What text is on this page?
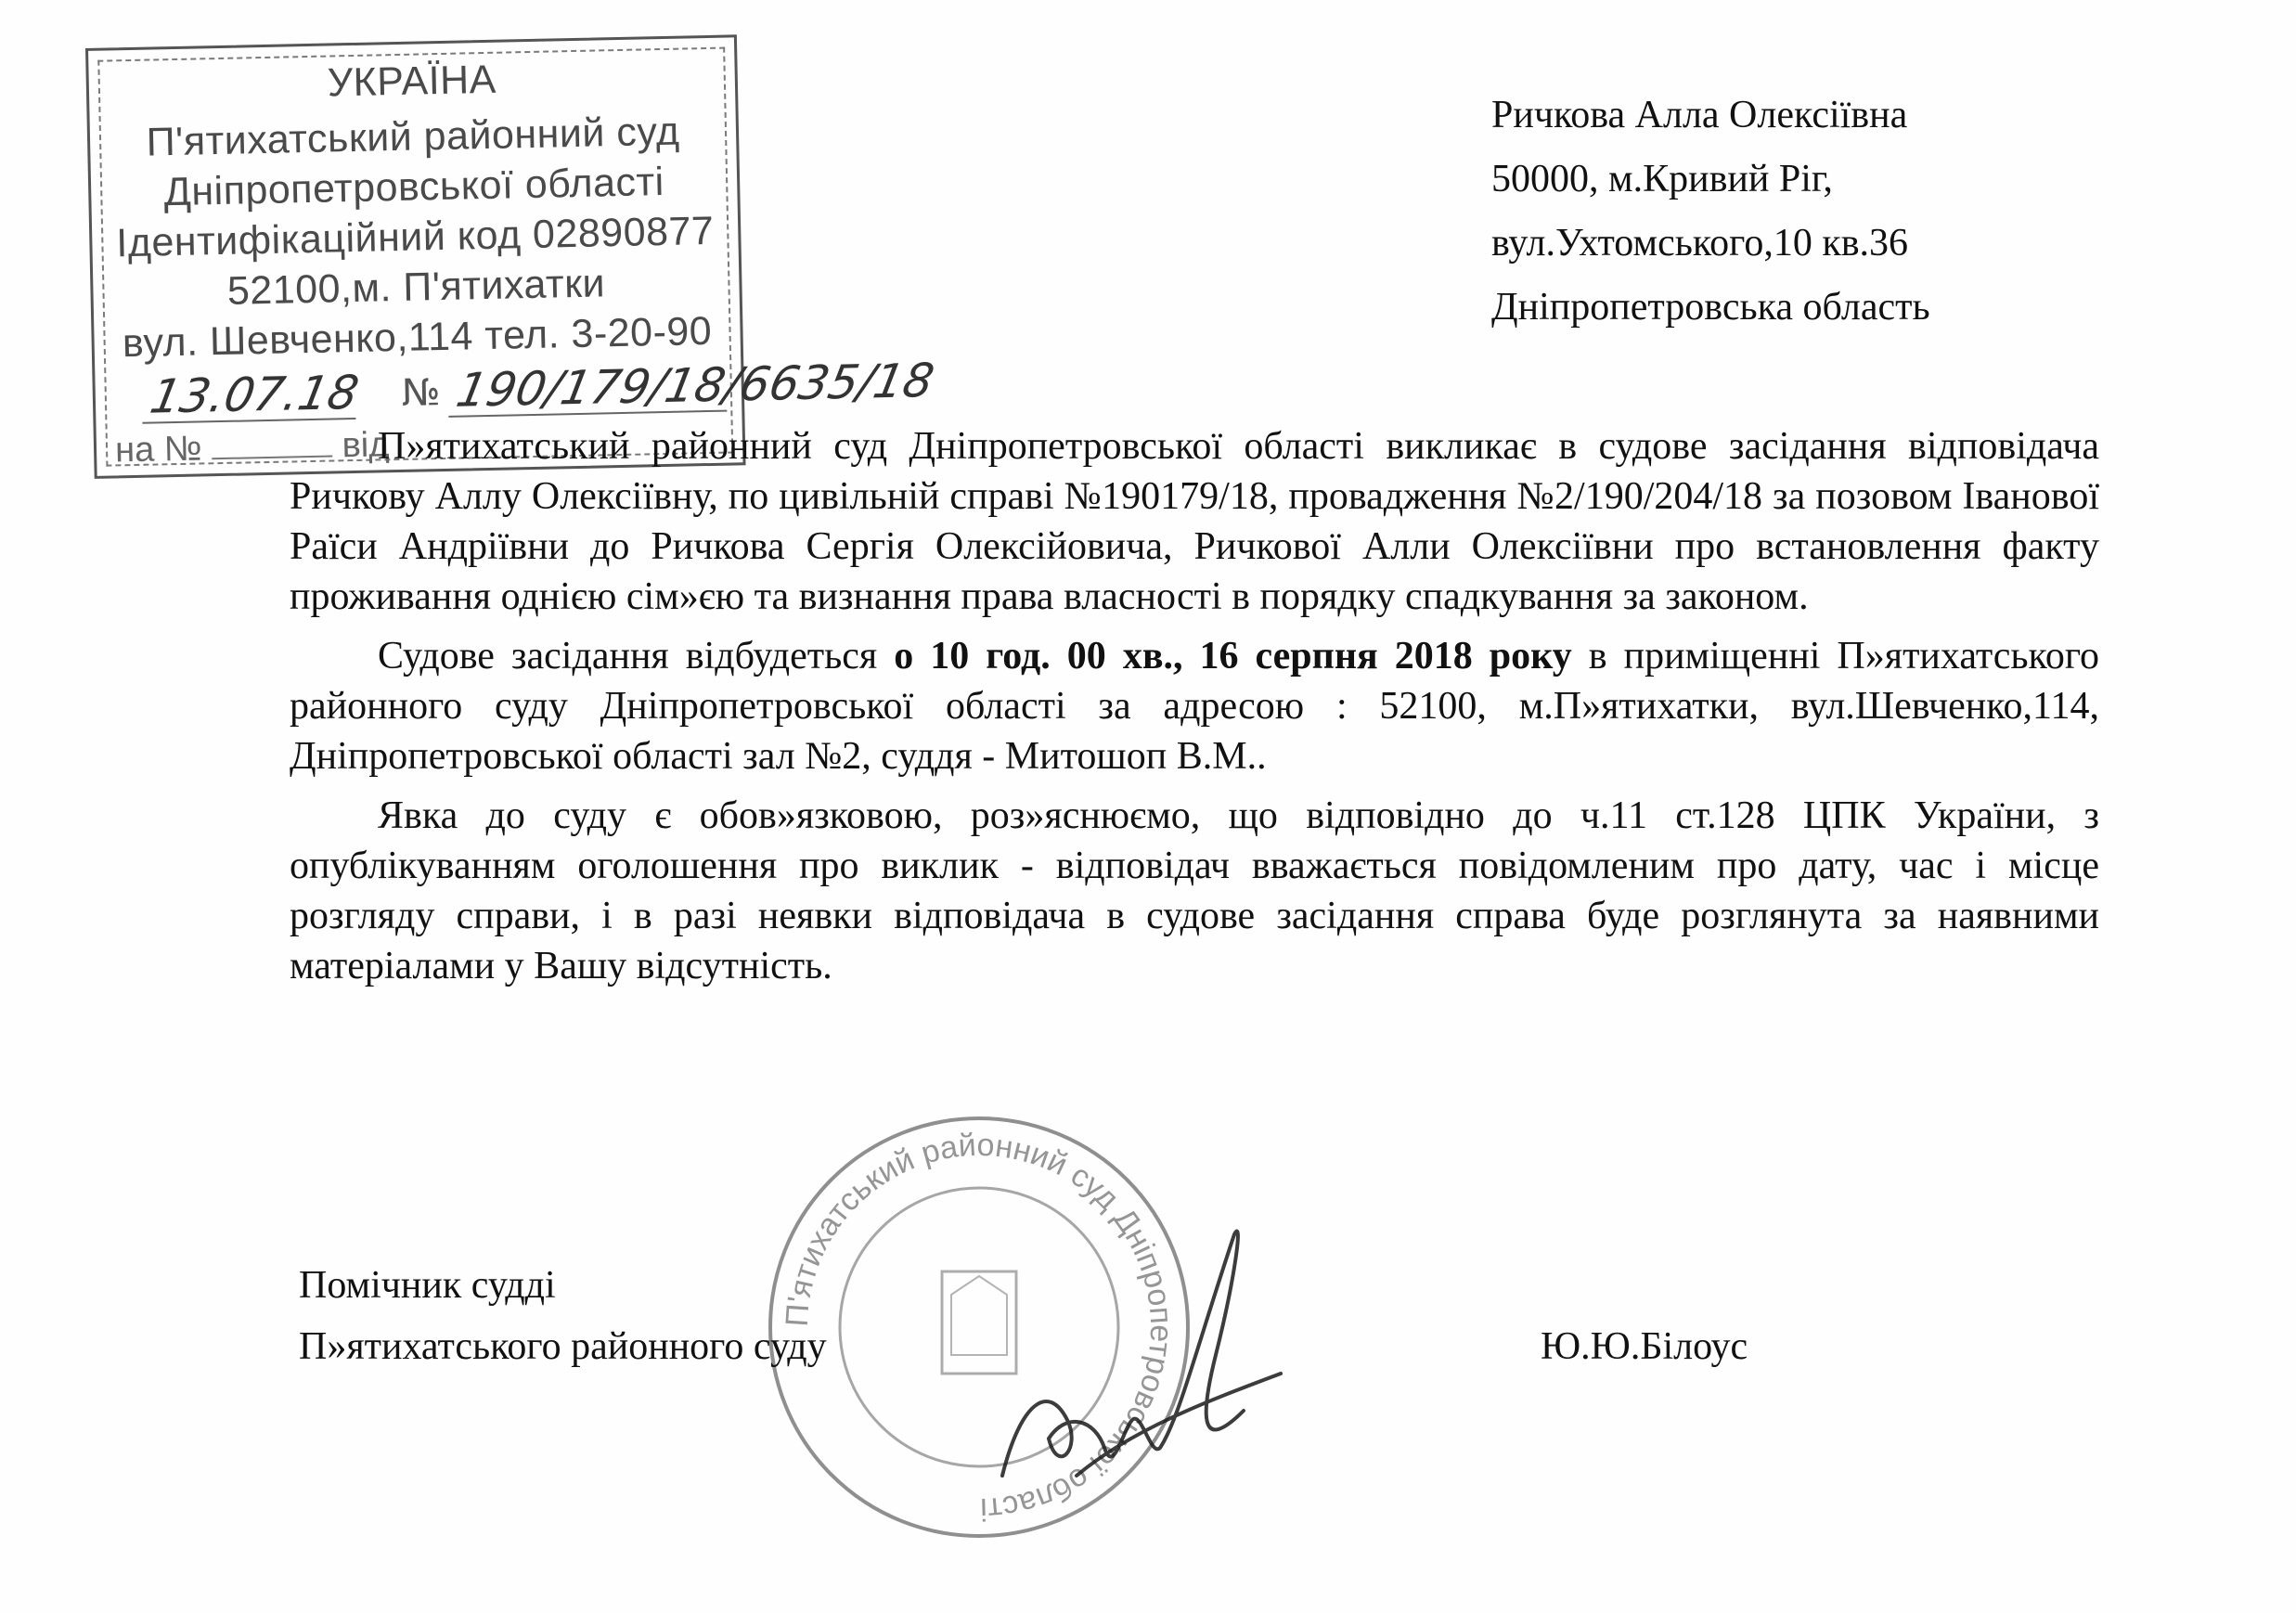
УКРАЇНА
П'ятихатський районний суд
Дніпропетровської області
Ідентифікаційний код 02890877
52100,м. П'ятихатки
вул. Шевченко,114 тел. 3-20-90
13.07.18 № 190/179/18/6635/18
на №	від
Ричкова Алла Олексіївна
50000, м.Кривий Ріг,
вул.Ухтомського,10 кв.36
Дніпропетровська область

П»ятихатський районний суд Дніпропетровської області викликає в судове засідання відповідача Ричкову Аллу Олексіївну, по цивільній справі №190179/18, провадження №2/190/204/18 за позовом Іванової Раїси Андріївни до Ричкова Сергія Олексійовича, Ричкової Алли Олексіївни про встановлення факту проживання однією сім»єю та визнання права власності в порядку спадкування за законом.

Судове засідання відбудеться о 10 год. 00 хв., 16 серпня 2018 року в приміщенні П»ятихатського районного суду Дніпропетровської області за адресою : 52100, м.П»ятихатки, вул.Шевченко,114, Дніпропетровської області зал №2, суддя - Митошоп В.М..

Явка до суду є обов»язковою, роз»яснюємо, що відповідно до ч.11 ст.128 ЦПК України, з опублікуванням оголошення про виклик - відповідач вважається повідомленим про дату, час і місце розгляду справи, і в разі неявки відповідача в судове засідання справа буде розглянута за наявними матеріалами у Вашу відсутність.

П'ятихатський районний суд Дніпропетровської області
Помічник судді
П»ятихатського районного суду	Ю.Ю.Білоус
